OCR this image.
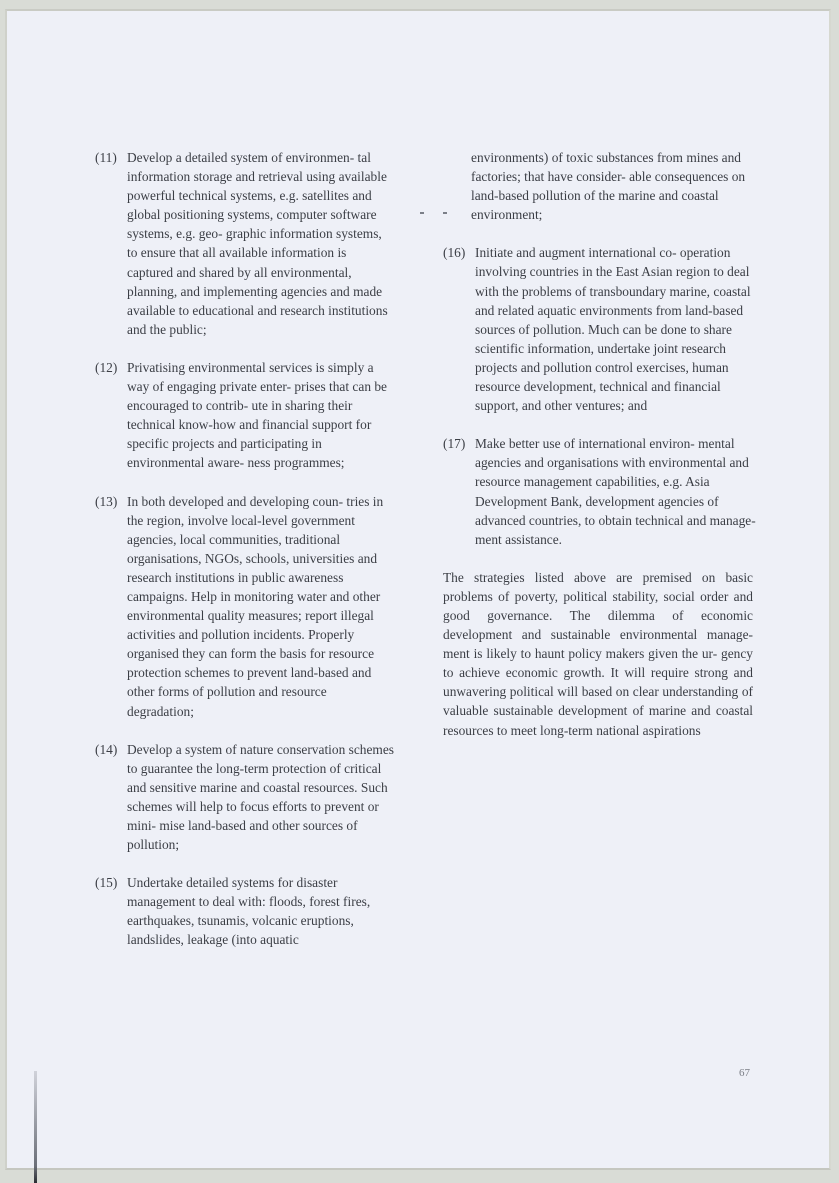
(11) Develop a detailed system of environmen- tal information storage and retrieval using available powerful technical systems, e.g. satellites and global positioning systems, computer software systems, e.g. geo- graphic information systems, to ensure that all available information is captured and shared by all environmental, planning, and implementing agencies and made available to educational and research institutions and the public;
(12) Privatising environmental services is simply a way of engaging private enter- prises that can be encouraged to contrib- ute in sharing their technical know-how and financial support for specific projects and participating in environmental aware- ness programmes;
(13) In both developed and developing coun- tries in the region, involve local-level government agencies, local communities, traditional organisations, NGOs, schools, universities and research institutions in public awareness campaigns. Help in monitoring water and other environmental quality measures; report illegal activities and pollution incidents. Properly organised they can form the basis for resource protection schemes to prevent land-based and other forms of pollution and resource degradation;
(14) Develop a system of nature conservation schemes to guarantee the long-term protection of critical and sensitive marine and coastal resources. Such schemes will help to focus efforts to prevent or mini- mise land-based and other sources of pollution;
(15) Undertake detailed systems for disaster management to deal with: floods, forest fires, earthquakes, tsunamis, volcanic eruptions, landslides, leakage (into aquatic
environments) of toxic substances from mines and factories; that have consider- able consequences on land-based pollution of the marine and coastal environment;
(16) Initiate and augment international co- operation involving countries in the East Asian region to deal with the problems of transboundary marine, coastal and related aquatic environments from land-based sources of pollution. Much can be done to share scientific information, undertake joint research projects and pollution control exercises, human resource development, technical and financial support, and other ventures; and
(17) Make better use of international environ- mental agencies and organisations with environmental and resource management capabilities, e.g. Asia Development Bank, development agencies of advanced countries, to obtain technical and manage- ment assistance.

The strategies listed above are premised on basic problems of poverty, political stability, social order and good governance. The dilemma of economic development and sustainable environmental manage- ment is likely to haunt policy makers given the ur- gency to achieve economic growth. It will require strong and unwavering political will based on clear understanding of valuable sustainable development of marine and coastal resources to meet long-term national aspirations

67
